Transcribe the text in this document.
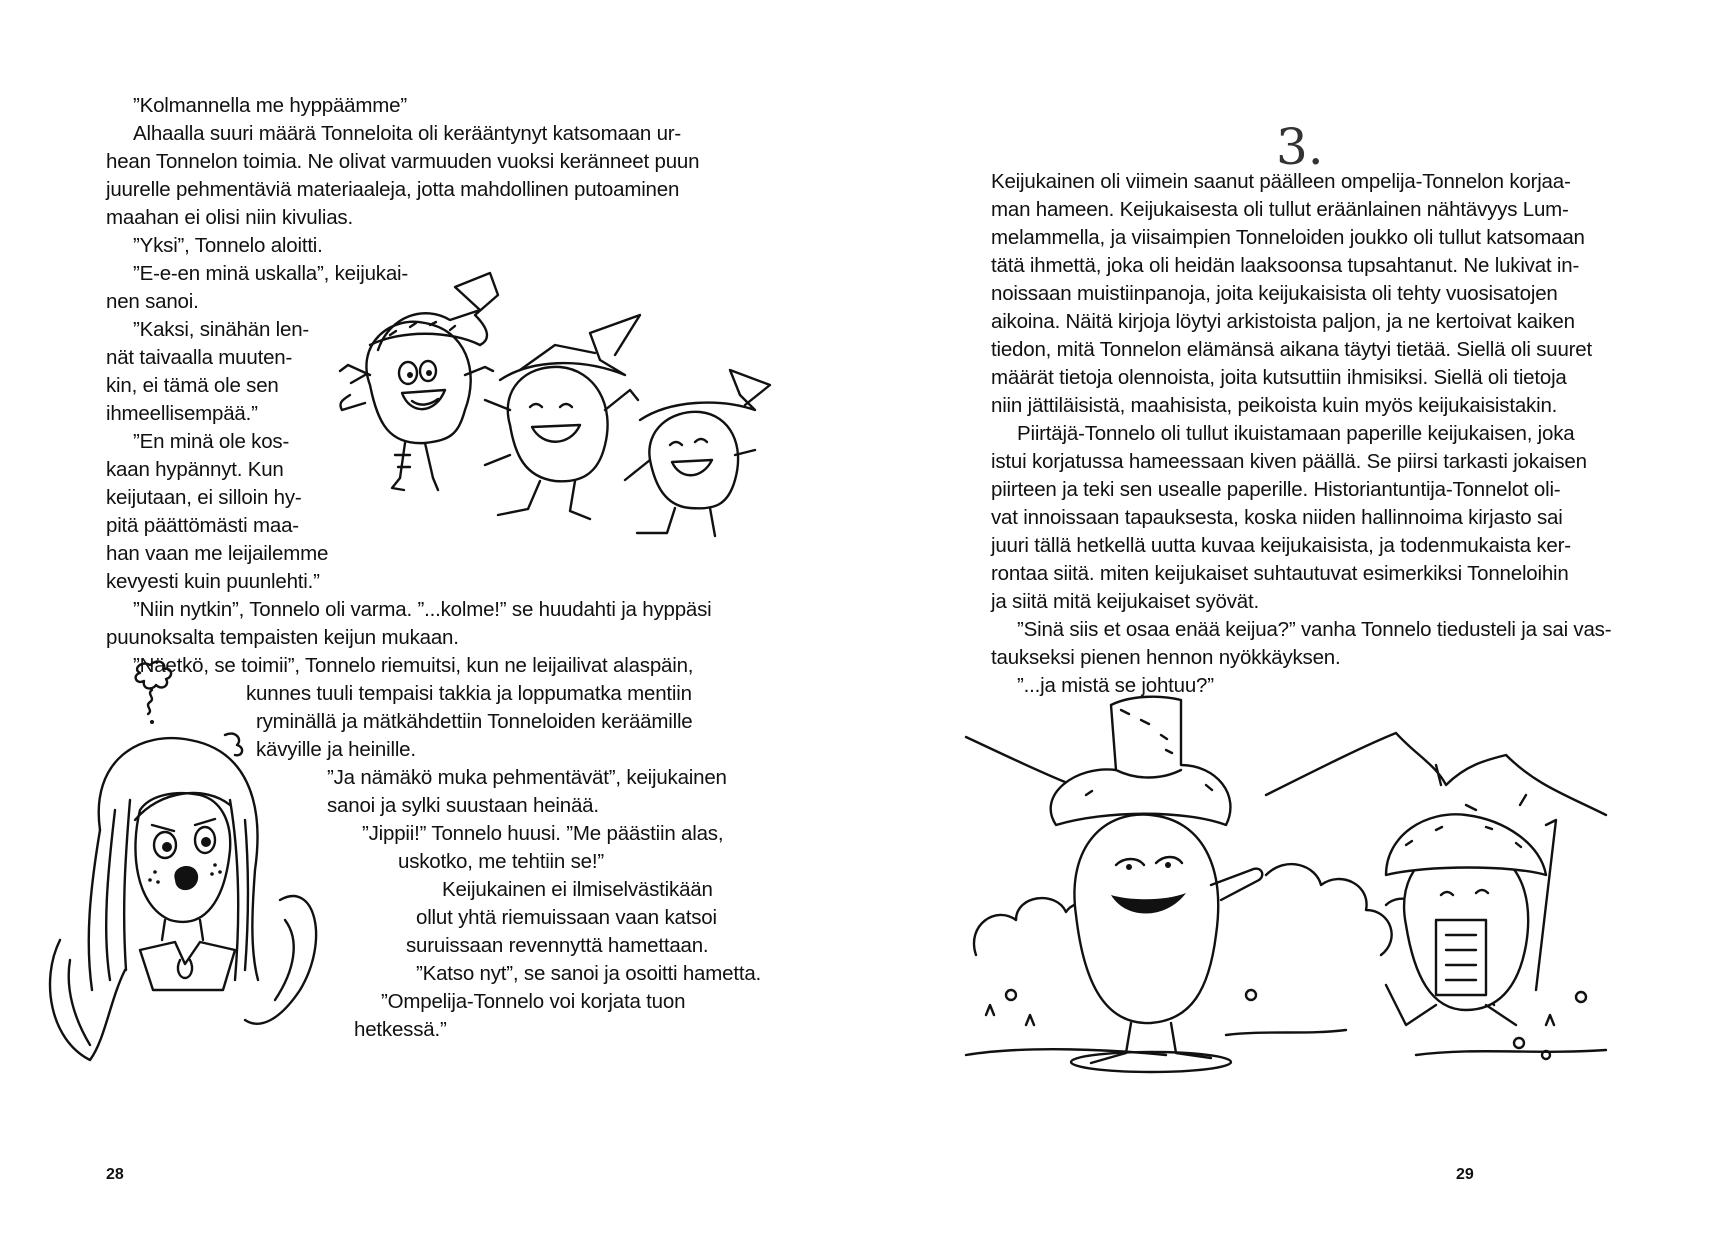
”Kolmannella me hyppäämme”
Alhaalla suuri määrä Tonneloita oli kerääntynyt katsomaan ur-
hean Tonnelon toimia. Ne olivat varmuuden vuoksi keränneet puun
juurelle pehmentäviä materiaaleja, jotta mahdollinen putoaminen
maahan ei olisi niin kivulias.
”Yksi”, Tonnelo aloitti.
”E-e-en minä uskalla”, keijukai-
nen sanoi.
”Kaksi, sinähän len-
nät taivaalla muuten-
kin, ei tämä ole sen
ihmeellisempää.”
”En minä ole kos-
kaan hypännyt. Kun
keijutaan, ei silloin hy-
pitä päättömästi maa-
han vaan me leijailemme
kevyesti kuin puunlehti.”
”Niin nytkin”, Tonnelo oli varma. ”...kolme!” se huudahti ja hyppäsi
puunoksalta tempaisten keijun mukaan.
”Näetkö, se toimii”, Tonnelo riemuitsi, kun ne leijailivat alaspäin,
kunnes tuuli tempaisi takkia ja loppumatka mentiin
ryminällä ja mätkähdettiin Tonneloiden keräämille
kävyille ja heinille.
”Ja nämäkö muka pehmentävät”, keijukainen
sanoi ja sylki suustaan heinää.
”Jippii!” Tonnelo huusi. ”Me päästiin alas,
uskotko, me tehtiin se!”
Keijukainen ei ilmiselvästikään
ollut yhtä riemuissaan vaan katsoi
suruissaan revennyttä hamettaan.
”Katso nyt”, se sanoi ja osoitti hametta.
”Ompelija-Tonnelo voi korjata tuon
hetkessä.”
28
3.
Keijukainen oli viimein saanut päälleen ompelija-Tonnelon korjaa-
man hameen. Keijukaisesta oli tullut eräänlainen nähtävyys Lum-
melammella, ja viisaimpien Tonneloiden joukko oli tullut katsomaan
tätä ihmettä, joka oli heidän laaksoonsa tupsahtanut. Ne lukivat in-
noissaan muistiinpanoja, joita keijukaisista oli tehty vuosisatojen
aikoina. Näitä kirjoja löytyi arkistoista paljon, ja ne kertoivat kaiken
tiedon, mitä Tonnelon elämänsä aikana täytyi tietää. Siellä oli suuret
määrät tietoja olennoista, joita kutsuttiin ihmisiksi. Siellä oli tietoja
niin jättiläisistä, maahisista, peikoista kuin myös keijukaisistakin.
Piirtäjä-Tonnelo oli tullut ikuistamaan paperille keijukaisen, joka
istui korjatussa hameessaan kiven päällä. Se piirsi tarkasti jokaisen
piirteen ja teki sen usealle paperille. Historiantuntija-Tonnelot oli-
vat innoissaan tapauksesta, koska niiden hallinnoima kirjasto sai
juuri tällä hetkellä uutta kuvaa keijukaisista, ja todenmukaista ker-
rontaa siitä. miten keijukaiset suhtautuvat esimerkiksi Tonneloihin
ja siitä mitä keijukaiset syövät.
”Sinä siis et osaa enää keijua?” vanha Tonnelo tiedusteli ja sai vas-
taukseksi pienen hennon nyökkäyksen.
”...ja mistä se johtuu?”
29
